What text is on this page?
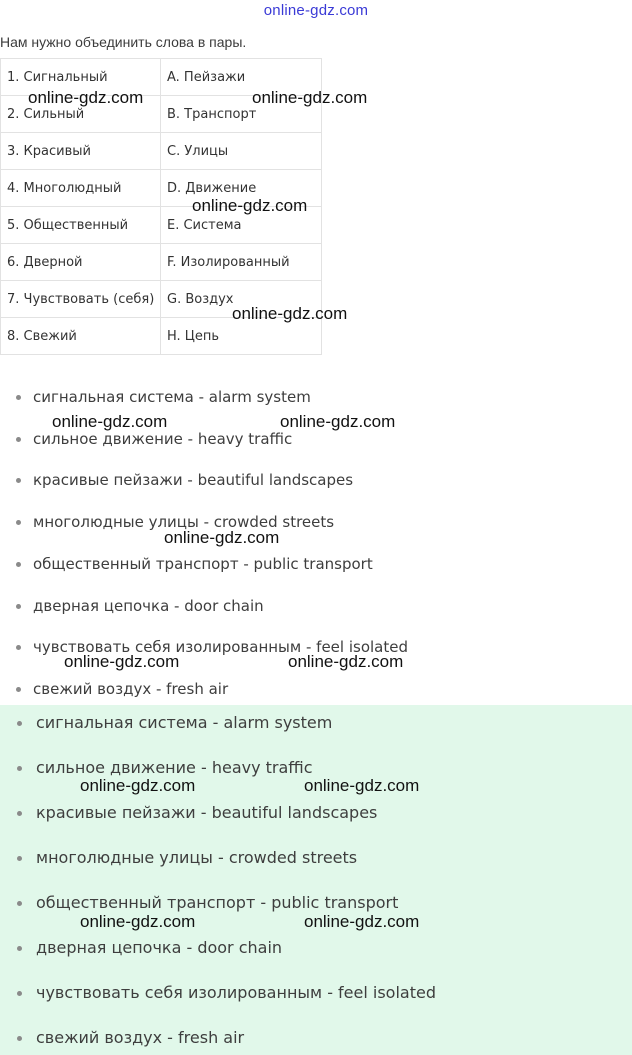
online-gdz.com
Нам нужно объединить слова в пары.
1. Сигнальный	A. Пейзажи
2. Сильный	B. Транспорт
3. Красивый	C. Улицы
4. Многолюдный	D. Движение
5. Общественный	E. Система
6. Дверной	F. Изолированный
7. Чувствовать (себя)	G. Воздух
8. Свежий	H. Цепь
сигнальная система - alarm system
сильное движение - heavy traffic
красивые пейзажи - beautiful landscapes
многолюдные улицы - crowded streets
общественный транспорт - public transport
дверная цепочка - door chain
чувствовать себя изолированным - feel isolated
свежий воздух - fresh air
сигнальная система - alarm system
сильное движение - heavy traffic
красивые пейзажи - beautiful landscapes
многолюдные улицы - crowded streets
общественный транспорт - public transport
дверная цепочка - door chain
чувствовать себя изолированным - feel isolated
свежий воздух - fresh air
online-gdz.com	online-gdz.com
online-gdz.com
online-gdz.com
online-gdz.com	online-gdz.com
online-gdz.com
online-gdz.com	online-gdz.com
online-gdz.com	online-gdz.com
online-gdz.com	online-gdz.com
